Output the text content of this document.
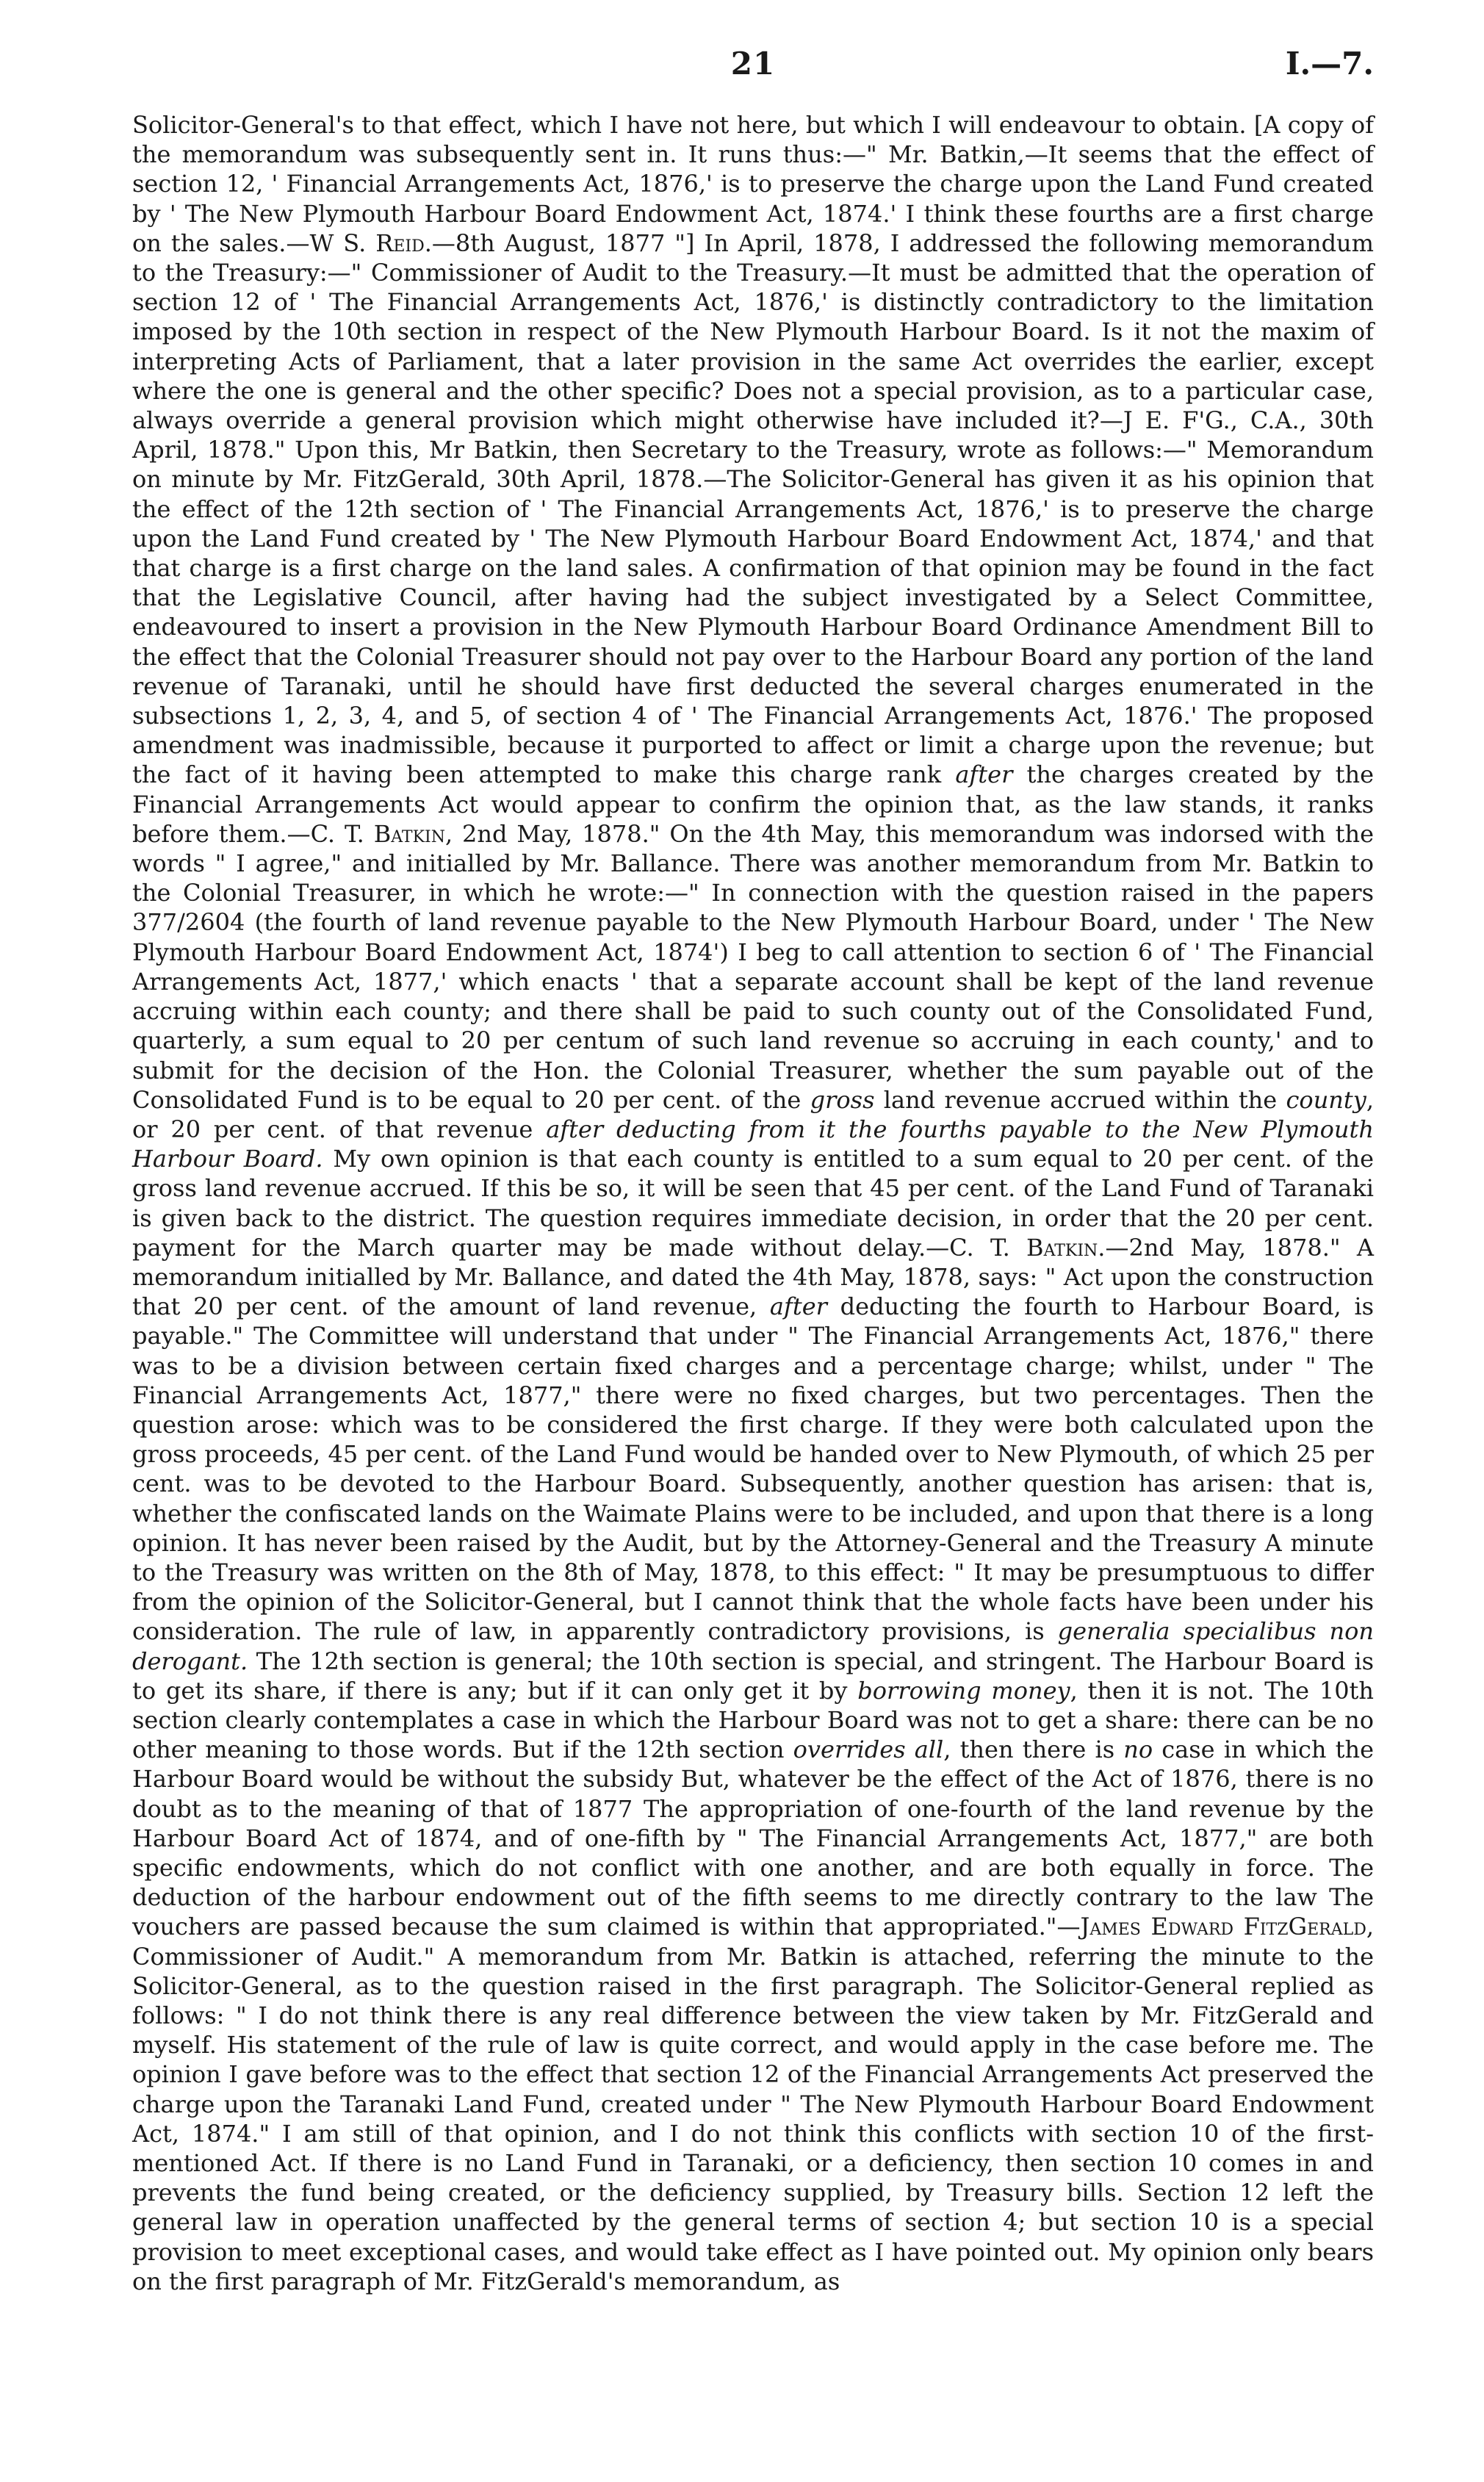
21	I.—7.

Solicitor-General's to that effect, which I have not here, but which I will endeavour to obtain. [A copy of the memorandum was subsequently sent in. It runs thus:—" Mr. Batkin,—It seems that the effect of section 12, ' Financial Arrangements Act, 1876,' is to preserve the charge upon the Land Fund created by ' The New Plymouth Harbour Board Endowment Act, 1874.' I think these fourths are a first charge on the sales.—W S. Reid.—8th August, 1877 "] In April, 1878, I addressed the following memorandum to the Treasury:—" Commissioner of Audit to the Treasury.—It must be admitted that the operation of section 12 of ' The Financial Arrangements Act, 1876,' is distinctly contradictory to the limitation imposed by the 10th section in respect of the New Plymouth Harbour Board. Is it not the maxim of interpreting Acts of Parliament, that a later provision in the same Act overrides the earlier, except where the one is general and the other specific? Does not a special provision, as to a particular case, always override a general provision which might otherwise have included it?—J E. F'G., C.A., 30th April, 1878." Upon this, Mr Batkin, then Secretary to the Treasury, wrote as follows:—" Memorandum on minute by Mr. FitzGerald, 30th April, 1878.—The Solicitor-General has given it as his opinion that the effect of the 12th section of ' The Financial Arrangements Act, 1876,' is to preserve the charge upon the Land Fund created by ' The New Plymouth Harbour Board Endowment Act, 1874,' and that that charge is a first charge on the land sales. A confirmation of that opinion may be found in the fact that the Legislative Council, after having had the subject investigated by a Select Committee, endeavoured to insert a provision in the New Plymouth Harbour Board Ordinance Amendment Bill to the effect that the Colonial Treasurer should not pay over to the Harbour Board any portion of the land revenue of Taranaki, until he should have first deducted the several charges enumerated in the subsections 1, 2, 3, 4, and 5, of section 4 of ' The Financial Arrangements Act, 1876.' The proposed amendment was inadmissible, because it purported to affect or limit a charge upon the revenue; but the fact of it having been attempted to make this charge rank after the charges created by the Financial Arrangements Act would appear to confirm the opinion that, as the law stands, it ranks before them.—C. T. Batkin, 2nd May, 1878." On the 4th May, this memorandum was indorsed with the words " I agree," and initialled by Mr. Ballance. There was another memorandum from Mr. Batkin to the Colonial Treasurer, in which he wrote:—" In connection with the question raised in the papers 377/2604 (the fourth of land revenue payable to the New Plymouth Harbour Board, under ' The New Plymouth Harbour Board Endowment Act, 1874') I beg to call attention to section 6 of ' The Financial Arrangements Act, 1877,' which enacts ' that a separate account shall be kept of the land revenue accruing within each county; and there shall be paid to such county out of the Consolidated Fund, quarterly, a sum equal to 20 per centum of such land revenue so accruing in each county,' and to submit for the decision of the Hon. the Colonial Treasurer, whether the sum payable out of the Consolidated Fund is to be equal to 20 per cent. of the gross land revenue accrued within the county, or 20 per cent. of that revenue after deducting from it the fourths payable to the New Plymouth Harbour Board. My own opinion is that each county is entitled to a sum equal to 20 per cent. of the gross land revenue accrued. If this be so, it will be seen that 45 per cent. of the Land Fund of Taranaki is given back to the district. The question requires immediate decision, in order that the 20 per cent. payment for the March quarter may be made without delay.—C. T. Batkin.—2nd May, 1878." A memorandum initialled by Mr. Ballance, and dated the 4th May, 1878, says: " Act upon the construction that 20 per cent. of the amount of land revenue, after deducting the fourth to Harbour Board, is payable." The Committee will understand that under " The Financial Arrangements Act, 1876," there was to be a division between certain fixed charges and a percentage charge; whilst, under " The Financial Arrangements Act, 1877," there were no fixed charges, but two percentages. Then the question arose: which was to be considered the first charge. If they were both calculated upon the gross proceeds, 45 per cent. of the Land Fund would be handed over to New Plymouth, of which 25 per cent. was to be devoted to the Harbour Board. Subsequently, another question has arisen: that is, whether the confiscated lands on the Waimate Plains were to be included, and upon that there is a long opinion. It has never been raised by the Audit, but by the Attorney-General and the Treasury A minute to the Treasury was written on the 8th of May, 1878, to this effect: " It may be presumptuous to differ from the opinion of the Solicitor-General, but I cannot think that the whole facts have been under his consideration. The rule of law, in apparently contradictory provisions, is generalia specialibus non derogant. The 12th section is general; the 10th section is special, and stringent. The Harbour Board is to get its share, if there is any; but if it can only get it by borrowing money, then it is not. The 10th section clearly contemplates a case in which the Harbour Board was not to get a share: there can be no other meaning to those words. But if the 12th section overrides all, then there is no case in which the Harbour Board would be without the subsidy But, whatever be the effect of the Act of 1876, there is no doubt as to the meaning of that of 1877 The appropriation of one-fourth of the land revenue by the Harbour Board Act of 1874, and of one-fifth by " The Financial Arrangements Act, 1877," are both specific endowments, which do not conflict with one another, and are both equally in force. The deduction of the harbour endowment out of the fifth seems to me directly contrary to the law The vouchers are passed because the sum claimed is within that appropriated."—James Edward FitzGerald, Commissioner of Audit." A memorandum from Mr. Batkin is attached, referring the minute to the Solicitor-General, as to the question raised in the first paragraph. The Solicitor-General replied as follows: " I do not think there is any real difference between the view taken by Mr. FitzGerald and myself. His statement of the rule of law is quite correct, and would apply in the case before me. The opinion I gave before was to the effect that section 12 of the Financial Arrangements Act preserved the charge upon the Taranaki Land Fund, created under " The New Plymouth Harbour Board Endowment Act, 1874." I am still of that opinion, and I do not think this conflicts with section 10 of the first-mentioned Act. If there is no Land Fund in Taranaki, or a deficiency, then section 10 comes in and prevents the fund being created, or the deficiency supplied, by Treasury bills. Section 12 left the general law in operation unaffected by the general terms of section 4; but section 10 is a special provision to meet exceptional cases, and would take effect as I have pointed out. My opinion only bears on the first paragraph of Mr. FitzGerald's memorandum, as
